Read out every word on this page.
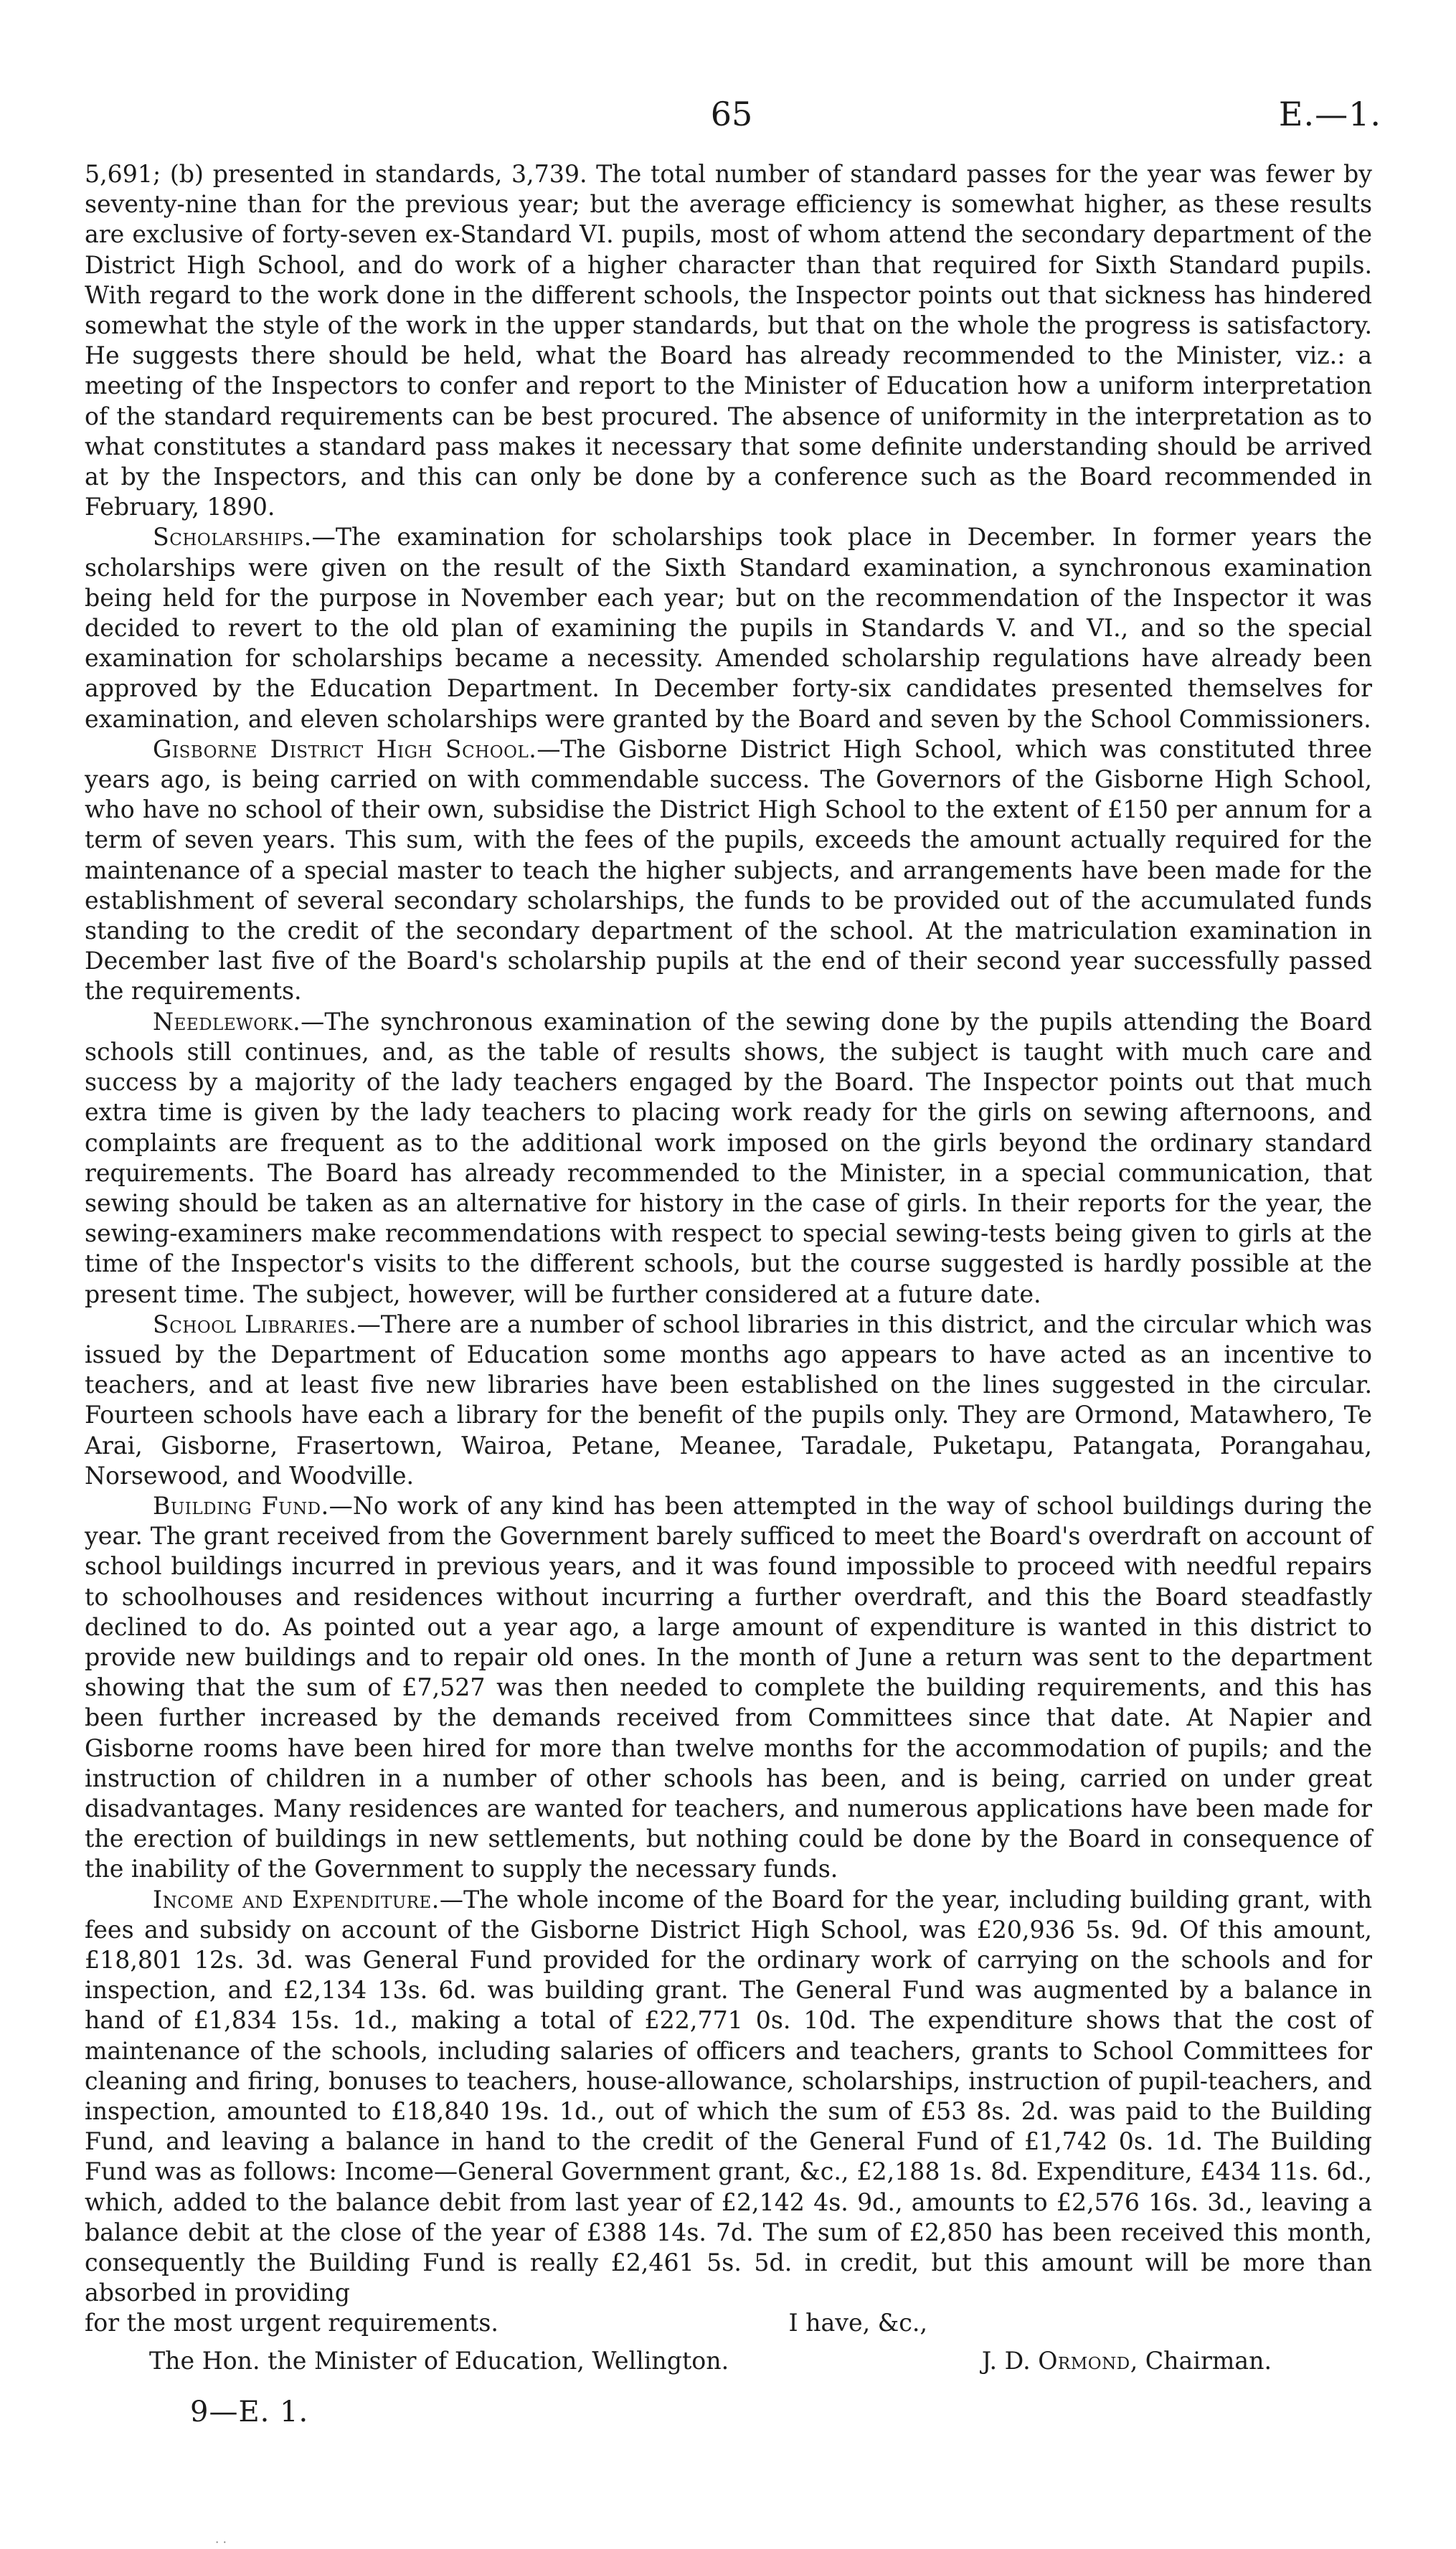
65	E.—1.

5,691; (b) presented in standards, 3,739. The total number of standard passes for the year was fewer by seventy-nine than for the previous year; but the average efficiency is somewhat higher, as these results are exclusive of forty-seven ex-Standard VI. pupils, most of whom attend the secondary department of the District High School, and do work of a higher character than that required for Sixth Standard pupils. With regard to the work done in the different schools, the Inspector points out that sickness has hindered somewhat the style of the work in the upper standards, but that on the whole the progress is satisfactory. He suggests there should be held, what the Board has already recommended to the Minister, viz.: a meeting of the Inspectors to confer and report to the Minister of Education how a uniform interpretation of the standard requirements can be best procured. The absence of uniformity in the interpretation as to what constitutes a standard pass makes it necessary that some definite understanding should be arrived at by the Inspectors, and this can only be done by a conference such as the Board recommended in February, 1890.

Scholarships.—The examination for scholarships took place in December. In former years the scholarships were given on the result of the Sixth Standard examination, a synchronous examination being held for the purpose in November each year; but on the recommendation of the Inspector it was decided to revert to the old plan of examining the pupils in Standards V. and VI., and so the special examination for scholarships became a necessity. Amended scholarship regulations have already been approved by the Education Department. In December forty-six candidates presented themselves for examination, and eleven scholarships were granted by the Board and seven by the School Commissioners.

Gisborne District High School.—The Gisborne District High School, which was constituted three years ago, is being carried on with commendable success. The Governors of the Gisborne High School, who have no school of their own, subsidise the District High School to the extent of £150 per annum for a term of seven years. This sum, with the fees of the pupils, exceeds the amount actually required for the maintenance of a special master to teach the higher subjects, and arrangements have been made for the establishment of several secondary scholarships, the funds to be provided out of the accumulated funds standing to the credit of the secondary department of the school. At the matriculation examination in December last five of the Board's scholarship pupils at the end of their second year successfully passed the requirements.

Needlework.—The synchronous examination of the sewing done by the pupils attending the Board schools still continues, and, as the table of results shows, the subject is taught with much care and success by a majority of the lady teachers engaged by the Board. The Inspector points out that much extra time is given by the lady teachers to placing work ready for the girls on sewing afternoons, and complaints are frequent as to the additional work imposed on the girls beyond the ordinary standard requirements. The Board has already recommended to the Minister, in a special communication, that sewing should be taken as an alternative for history in the case of girls. In their reports for the year, the sewing-examiners make recommendations with respect to special sewing-tests being given to girls at the time of the Inspector's visits to the different schools, but the course suggested is hardly possible at the present time. The subject, however, will be further considered at a future date.

School Libraries.—There are a number of school libraries in this district, and the circular which was issued by the Department of Education some months ago appears to have acted as an incentive to teachers, and at least five new libraries have been established on the lines suggested in the circular. Fourteen schools have each a library for the benefit of the pupils only. They are Ormond, Matawhero, Te Arai, Gisborne, Frasertown, Wairoa, Petane, Meanee, Taradale, Puketapu, Patangata, Porangahau, Norsewood, and Woodville.

Building Fund.—No work of any kind has been attempted in the way of school buildings during the year. The grant received from the Government barely sufficed to meet the Board's overdraft on account of school buildings incurred in previous years, and it was found impossible to proceed with needful repairs to schoolhouses and residences without incurring a further overdraft, and this the Board steadfastly declined to do. As pointed out a year ago, a large amount of expenditure is wanted in this district to provide new buildings and to repair old ones. In the month of June a return was sent to the department showing that the sum of £7,527 was then needed to complete the building requirements, and this has been further increased by the demands received from Committees since that date. At Napier and Gisborne rooms have been hired for more than twelve months for the accommodation of pupils; and the instruction of children in a number of other schools has been, and is being, carried on under great disadvantages. Many residences are wanted for teachers, and numerous applications have been made for the erection of buildings in new settlements, but nothing could be done by the Board in consequence of the inability of the Government to supply the necessary funds.

Income and Expenditure.—The whole income of the Board for the year, including building grant, with fees and subsidy on account of the Gisborne District High School, was £20,936 5s. 9d. Of this amount, £18,801 12s. 3d. was General Fund provided for the ordinary work of carrying on the schools and for inspection, and £2,134 13s. 6d. was building grant. The General Fund was augmented by a balance in hand of £1,834 15s. 1d., making a total of £22,771 0s. 10d. The expenditure shows that the cost of maintenance of the schools, including salaries of officers and teachers, grants to School Committees for cleaning and firing, bonuses to teachers, house-allowance, scholarships, instruction of pupil-teachers, and inspection, amounted to £18,840 19s. 1d., out of which the sum of £53 8s. 2d. was paid to the Building Fund, and leaving a balance in hand to the credit of the General Fund of £1,742 0s. 1d. The Building Fund was as follows: Income—General Government grant, &c., £2,188 1s. 8d. Expenditure, £434 11s. 6d., which, added to the balance debit from last year of £2,142 4s. 9d., amounts to £2,576 16s. 3d., leaving a balance debit at the close of the year of £388 14s. 7d. The sum of £2,850 has been received this month, consequently the Building Fund is really £2,461 5s. 5d. in credit, but this amount will be more than absorbed in providing

for the most urgent requirements.	I have, &c.,
The Hon. the Minister of Education, Wellington.	J. D. Ormond, Chairman.
9—E. 1.
⋅ ⋅
